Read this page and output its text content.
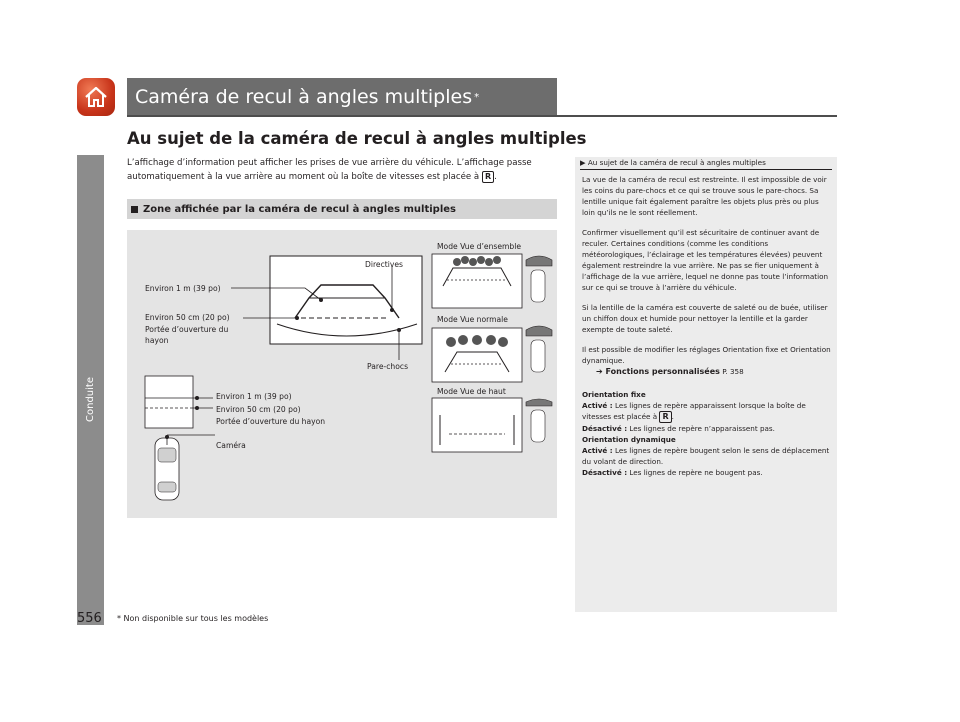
Conduite
Caméra de recul à angles multiples *
Au sujet de la caméra de recul à angles multiples
L’affichage d’information peut afficher les prises de vue arrière du véhicule. L’affichage passe
automatiquement à la vue arrière au moment où la boîte de vitesses est placée à R .
Zone affichée par la caméra de recul à angles multiples
Directives
Environ 1 m (39 po)
Environ 50 cm (20 po)
Portée d’ouverture du
hayon
Pare-chocs
Environ 1 m (39 po)
Environ 50 cm (20 po)
Portée d’ouverture du hayon
Caméra
Mode Vue d’ensemble
Mode Vue normale
Mode Vue de haut
▶ Au sujet de la caméra de recul à angles multiples

La vue de la caméra de recul est restreinte. Il est impossible de voir les coins du pare-chocs et ce qui se trouve sous le pare-chocs. Sa lentille unique fait également paraître les objets plus près ou plus loin qu’ils ne le sont réellement.

Confirmer visuellement qu’il est sécuritaire de continuer avant de reculer. Certaines conditions (comme les conditions météorologiques, l’éclairage et les températures élevées) peuvent également restreindre la vue arrière. Ne pas se fier uniquement à l’affichage de la vue arrière, lequel ne donne pas toute l’information sur ce qui se trouve à l’arrière du véhicule.

Si la lentille de la caméra est couverte de saleté ou de buée, utiliser un chiffon doux et humide pour nettoyer la lentille et la garder exempte de toute saleté.

Il est possible de modifier les réglages Orientation fixe et Orientation dynamique.
➔ Fonctions personnalisées P. 358

Orientation fixe
Activé : Les lignes de repère apparaissent lorsque la boîte de vitesses est placée à R .
Désactivé : Les lignes de repère n’apparaissent pas.
Orientation dynamique
Activé : Les lignes de repère bougent selon le sens de déplacement du volant de direction.
Désactivé : Les lignes de repère ne bougent pas.
556 * Non disponible sur tous les modèles
